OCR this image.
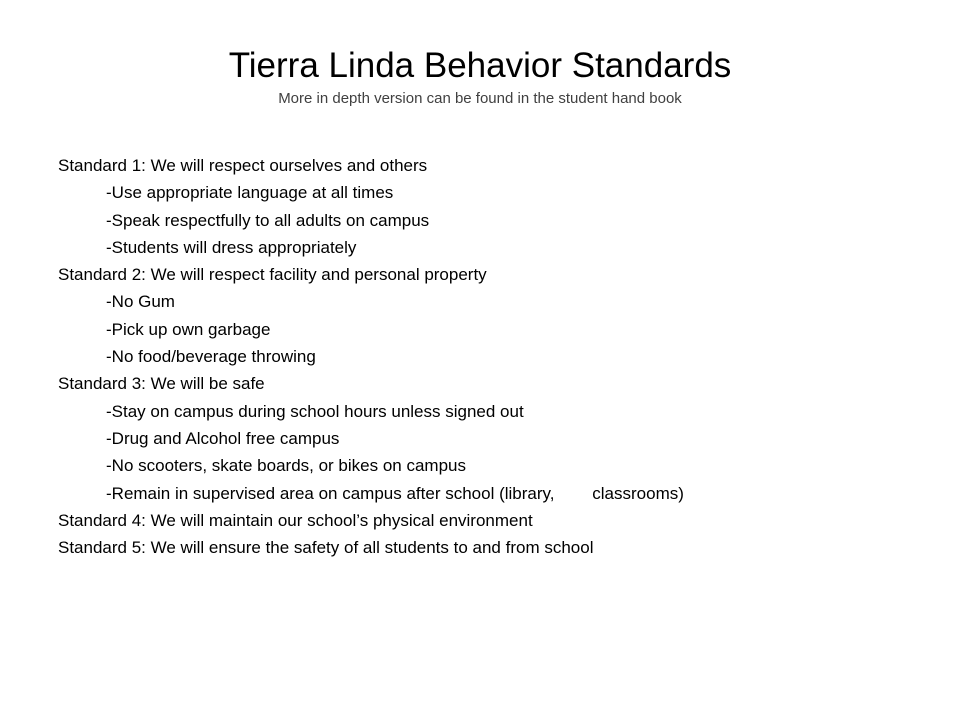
Tierra Linda Behavior Standards
More in depth version can be found in the student hand book
Standard 1: We will respect ourselves and others
-Use appropriate language at all times
-Speak respectfully to all adults on campus
-Students will dress appropriately
Standard 2: We will respect facility and personal property
-No Gum
-Pick up own garbage
-No food/beverage throwing
Standard 3: We will be safe
-Stay on campus during school hours unless signed out
-Drug and Alcohol free campus
-No scooters, skate boards, or bikes on campus
-Remain in supervised area on campus after school (library,        classrooms)
Standard 4: We will maintain our school’s physical environment
Standard 5: We will ensure the safety of all students to and from school
